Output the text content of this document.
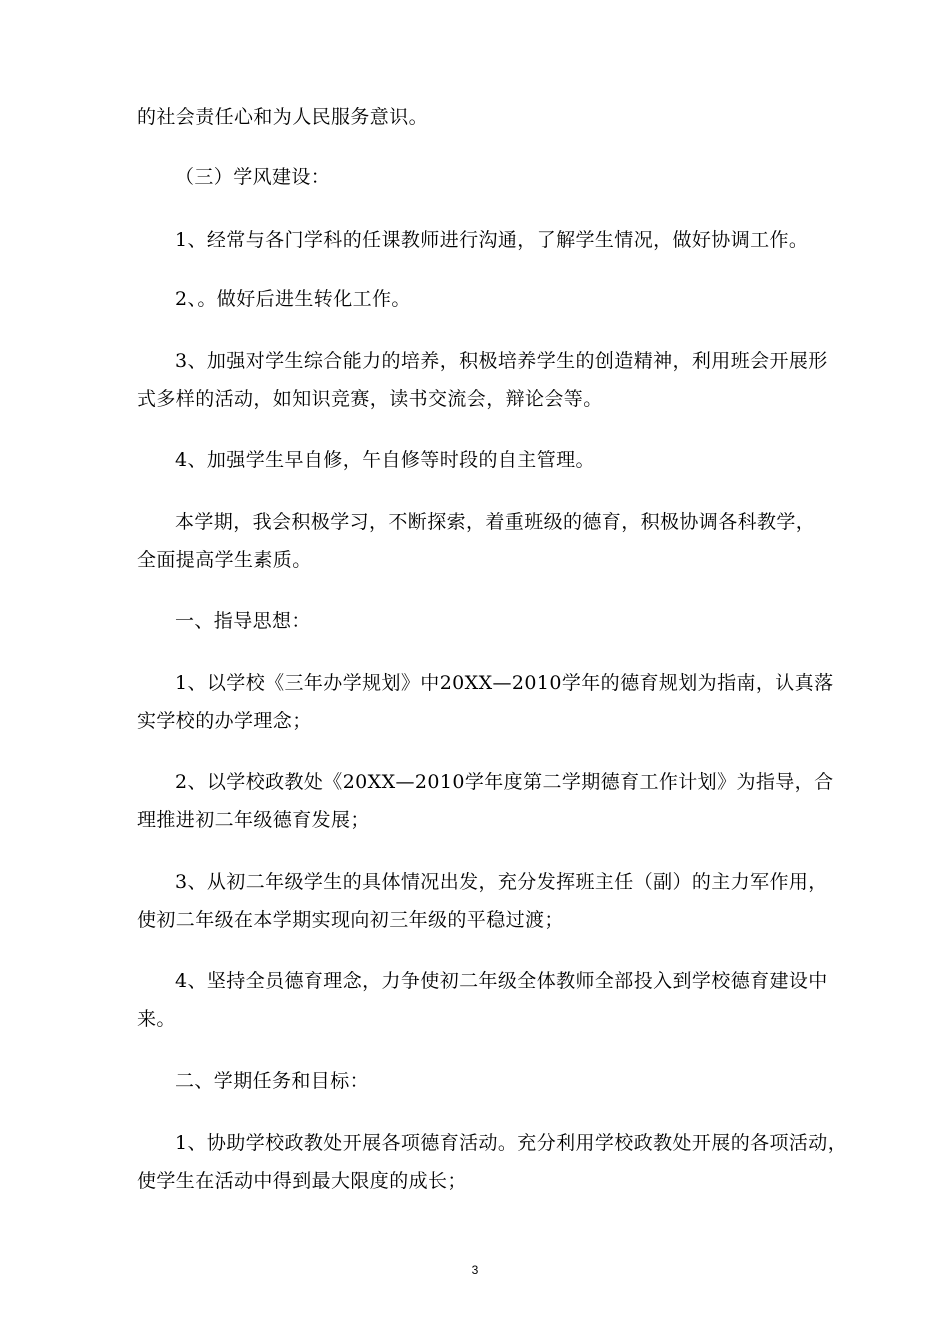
的社会责任心和为人民服务意识。

（三）学风建设：

1、经常与各门学科的任课教师进行沟通，了解学生情况，做好协调工作。

2、。做好后进生转化工作。

3、加强对学生综合能力的培养，积极培养学生的创造精神，利用班会开展形
式多样的活动，如知识竞赛，读书交流会，辩论会等。

4、加强学生早自修，午自修等时段的自主管理。

本学期，我会积极学习，不断探索，着重班级的德育，积极协调各科教学，
全面提高学生素质。

一、指导思想：

1、以学校《三年办学规划》中20XX—2010学年的德育规划为指南，认真落
实学校的办学理念；

2、以学校政教处《20XX—2010学年度第二学期德育工作计划》为指导，合
理推进初二年级德育发展；

3、从初二年级学生的具体情况出发，充分发挥班主任（副）的主力军作用，
使初二年级在本学期实现向初三年级的平稳过渡；

4、坚持全员德育理念，力争使初二年级全体教师全部投入到学校德育建设中
来。

二、学期任务和目标：

1、协助学校政教处开展各项德育活动。充分利用学校政教处开展的各项活动，
使学生在活动中得到最大限度的成长；

3
